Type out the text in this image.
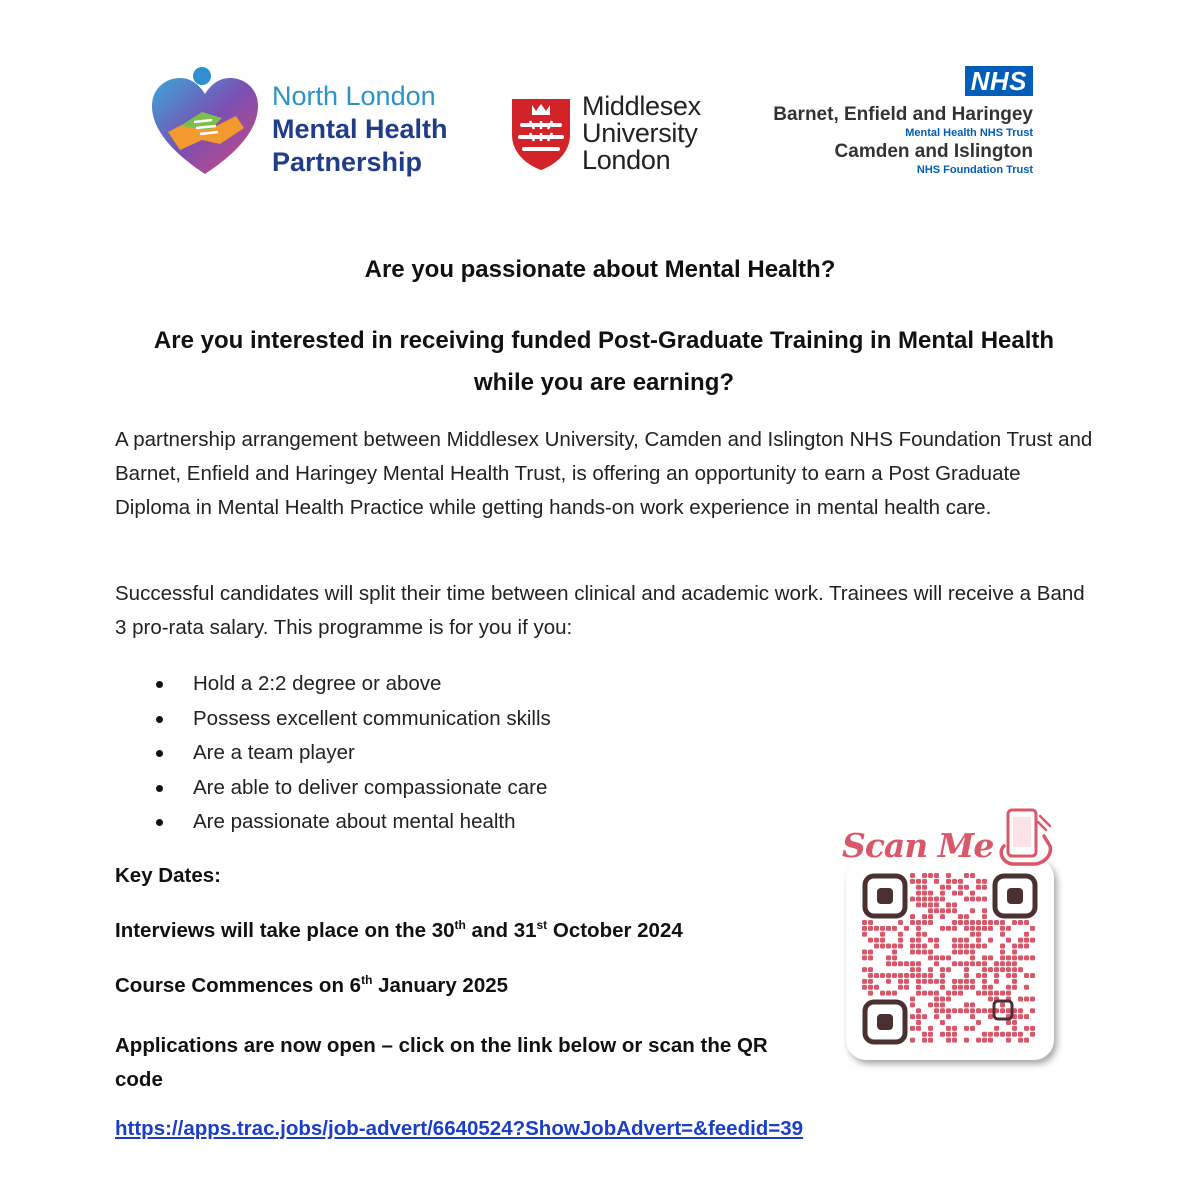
North London
Mental Health
Partnership
Middlesex
University
London
NHS
Barnet, Enfield and Haringey
Mental Health NHS Trust
Camden and Islington
NHS Foundation Trust
Are you passionate about Mental Health?
Are you interested in receiving funded Post-Graduate Training in Mental Health while you are earning?
A partnership arrangement between Middlesex University, Camden and Islington NHS Foundation Trust and Barnet, Enfield and Haringey Mental Health Trust, is offering an opportunity to earn a Post Graduate Diploma in Mental Health Practice while getting hands-on work experience in mental health care.
Successful candidates will split their time between clinical and academic work. Trainees will receive a Band 3 pro-rata salary. This programme is for you if you:
Hold a 2:2 degree or above
Possess excellent communication skills
Are a team player
Are able to deliver compassionate care
Are passionate about mental health
Key Dates:
Interviews will take place on the 30th and 31st October 2024
Course Commences on 6th January 2025
Applications are now open – click on the link below or scan the QR code
https://apps.trac.jobs/job-advert/6640524?ShowJobAdvert=&feedid=39
Scan Me
